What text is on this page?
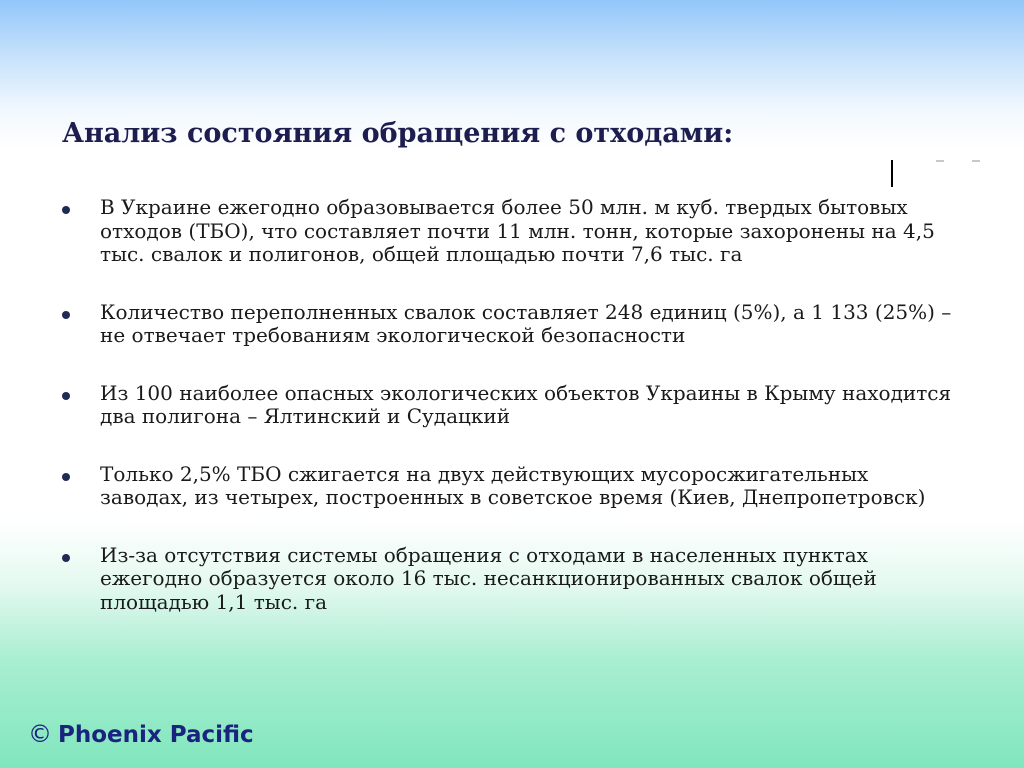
Анализ состояния обращения с отходами:
В Украине ежегодно образовывается более 50 млн. м куб. твердых бытовых отходов (ТБО), что составляет почти 11 млн. тонн, которые захоронены на 4,5 тыс. свалок и полигонов, общей площадью почти 7,6 тыс. га
Количество переполненных свалок составляет 248 единиц (5%), а 1 133 (25%) – не отвечает требованиям экологической безопасности
Из 100 наиболее опасных экологических объектов Украины в Крыму находится два полигона – Ялтинский и Судацкий
Только 2,5% ТБО сжигается на двух действующих мусоросжигательных заводах, из четырех, построенных в советское время (Киев, Днепропетровск)
Из-за отсутствия системы обращения с отходами в населенных пунктах ежегодно образуется около 16 тыс. несанкционированных свалок общей площадью 1,1 тыс. га
© Phoenix Pacific
